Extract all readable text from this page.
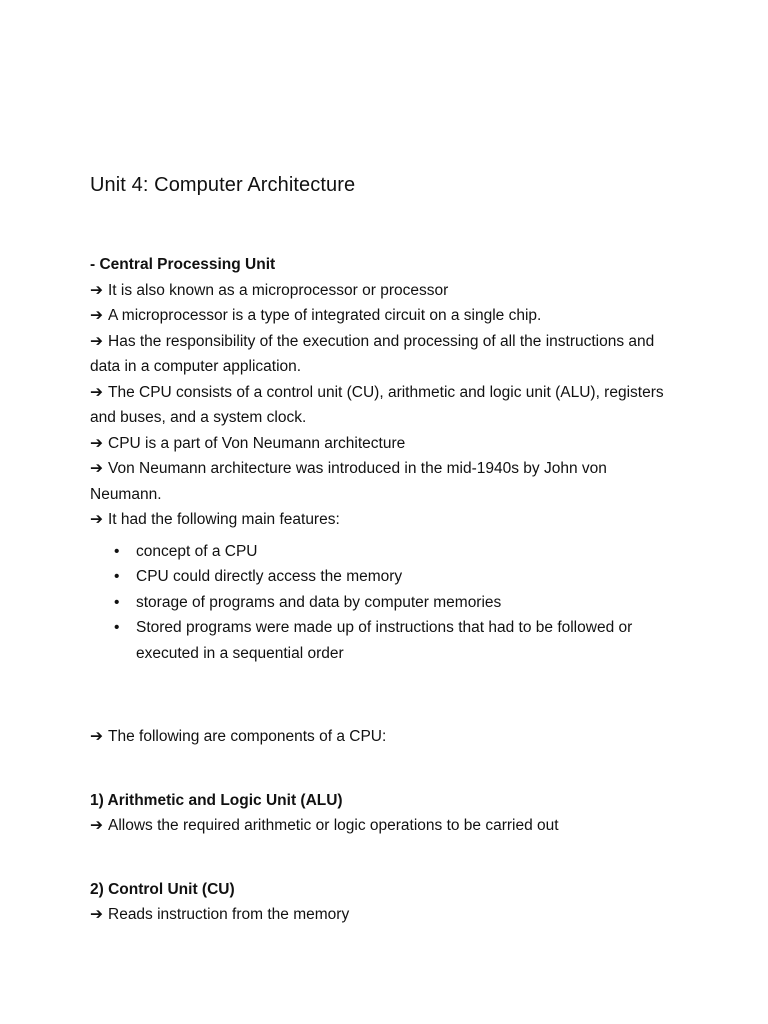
Unit 4: Computer Architecture
- Central Processing Unit
➔ It is also known as a microprocessor or processor
➔ A microprocessor is a type of integrated circuit on a single chip.
➔ Has the responsibility of the execution and processing of all the instructions and data in a computer application.
➔ The CPU consists of a control unit (CU), arithmetic and logic unit (ALU), registers and buses, and a system clock.
➔ CPU is a part of Von Neumann architecture
➔ Von Neumann architecture was introduced in the mid-1940s by John von Neumann.
➔ It had the following main features:
• concept of a CPU
• CPU could directly access the memory
• storage of programs and data by computer memories
• Stored programs were made up of instructions that had to be followed or executed in a sequential order
➔ The following are components of a CPU:
1) Arithmetic and Logic Unit (ALU)
➔ Allows the required arithmetic or logic operations to be carried out
2) Control Unit (CU)
➔ Reads instruction from the memory
